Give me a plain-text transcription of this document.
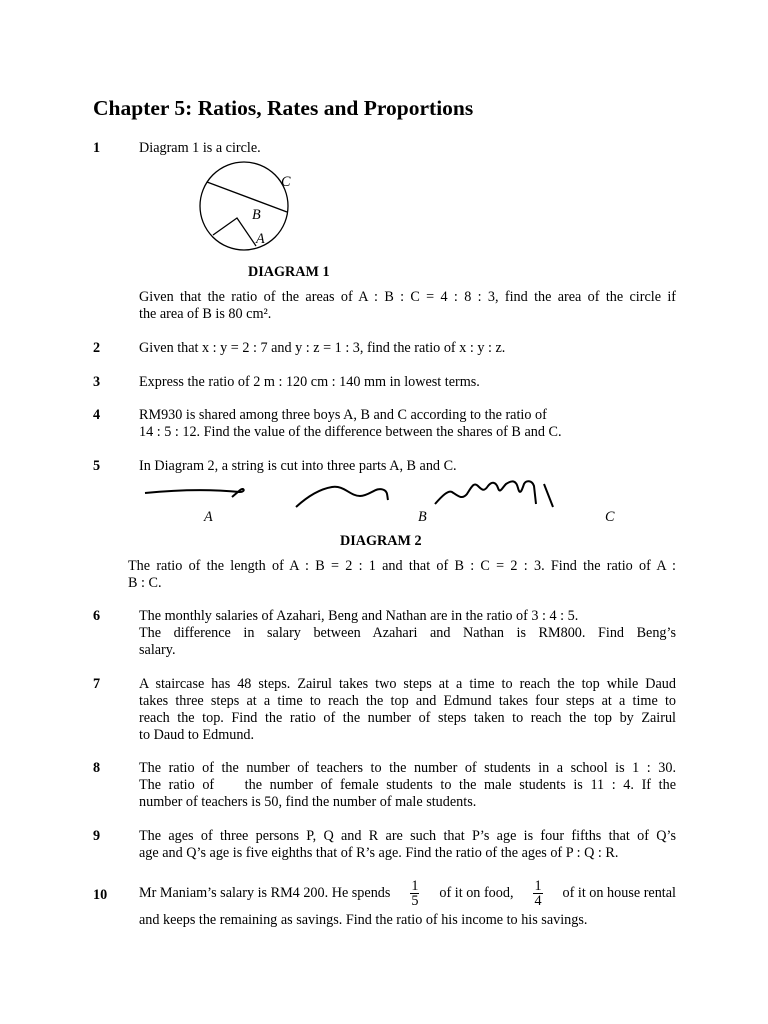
Chapter 5: Ratios, Rates and Proportions
1	Diagram 1 is a circle.
C
B
A
DIAGRAM 1
Given that the ratio of the areas of A : B : C = 4 : 8 : 3, find the area of the circle if
the area of B is 80 cm².
2	Given that x : y = 2 : 7 and y : z = 1 : 3, find the ratio of x : y : z.
3	Express the ratio of 2 m : 120 cm : 140 mm in lowest terms.
4	RM930 is shared among three boys A, B and C according to the ratio of
14 : 5 : 12. Find the value of the difference between the shares of B and C.
5	In Diagram 2, a string is cut into three parts A, B and C.
A	B	C
DIAGRAM 2
The ratio of the length of A : B = 2 : 1 and that of B : C = 2 : 3. Find the ratio of A :
B : C.
6	The monthly salaries of Azahari, Beng and Nathan are in the ratio of 3 : 4 : 5.
The difference in salary between Azahari and Nathan is RM800. Find Beng’s
salary.
7	A staircase has 48 steps. Zairul takes two steps at a time to reach the top while Daud
takes three steps at a time to reach the top and Edmund takes four steps at a time to
reach the top. Find the ratio of the number of steps taken to reach the top by Zairul
to Daud to Edmund.
8	The ratio of the number of teachers to the number of students in a school is 1 : 30.
The ratio of    the number of female students to the male students is 11 : 4. If the
number of teachers is 50, find the number of male students.
9	The ages of three persons P, Q and R are such that P’s age is four fifths that of Q’s
age and Q’s age is five eighths that of R’s age. Find the ratio of the ages of P : Q : R.
10 Mr Maniam’s salary is RM4 200. He spends $\frac{1}{5}$ of it on food, $\frac{1}{4}$ of it on house rental
and keeps the remaining as savings. Find the ratio of his income to his savings.
